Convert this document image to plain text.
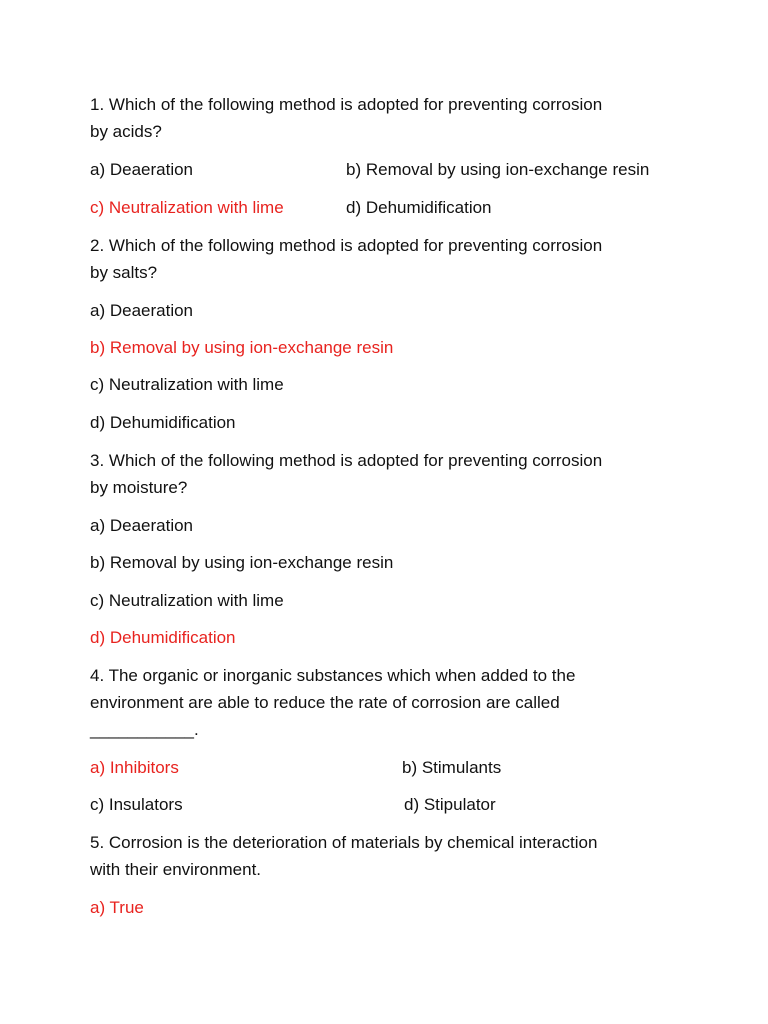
1. Which of the following method is adopted for preventing corrosion
by acids?
a) Deaeration	b) Removal by using ion-exchange resin
c) Neutralization with lime	d) Dehumidification
2. Which of the following method is adopted for preventing corrosion
by salts?
a) Deaeration
b) Removal by using ion-exchange resin
c) Neutralization with lime
d) Dehumidification
3. Which of the following method is adopted for preventing corrosion
by moisture?
a) Deaeration
b) Removal by using ion-exchange resin
c) Neutralization with lime
d) Dehumidification
4. The organic or inorganic substances which when added to the
environment are able to reduce the rate of corrosion are called
___________.
a) Inhibitors	b) Stimulants
c) Insulators	d) Stipulator
5. Corrosion is the deterioration of materials by chemical interaction
with their environment.
a) True
